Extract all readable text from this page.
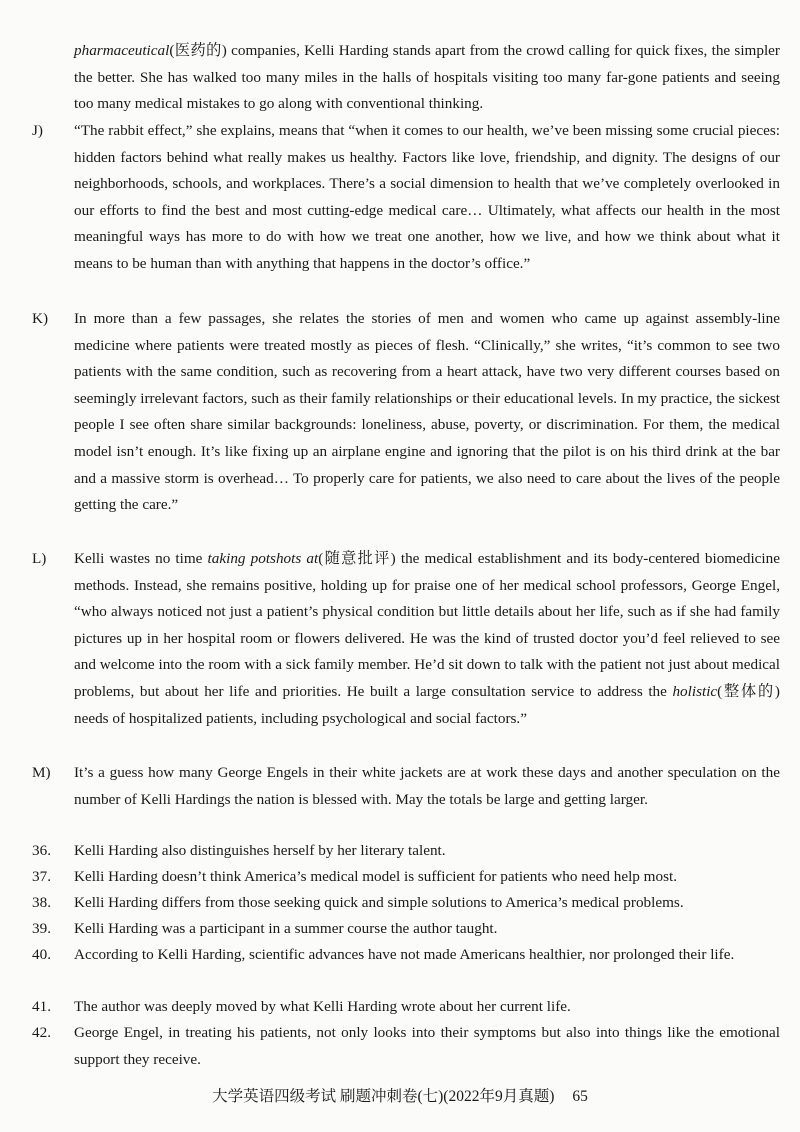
pharmaceutical(医药的) companies, Kelli Harding stands apart from the crowd calling for quick fixes, the simpler the better. She has walked too many miles in the halls of hospitals visiting too many far-gone patients and seeing too many medical mistakes to go along with conventional thinking.
J)	“The rabbit effect,” she explains, means that “when it comes to our health, we’ve been missing some crucial pieces: hidden factors behind what really makes us healthy. Factors like love, friendship, and dignity. The designs of our neighborhoods, schools, and workplaces. There’s a social dimension to health that we’ve completely overlooked in our efforts to find the best and most cutting-edge medical care… Ultimately, what affects our health in the most meaningful ways has more to do with how we treat one another, how we live, and how we think about what it means to be human than with anything that happens in the doctor’s office.”
K)	In more than a few passages, she relates the stories of men and women who came up against assembly-line medicine where patients were treated mostly as pieces of flesh. “Clinically,” she writes, “it’s common to see two patients with the same condition, such as recovering from a heart attack, have two very different courses based on seemingly irrelevant factors, such as their family relationships or their educational levels. In my practice, the sickest people I see often share similar backgrounds: loneliness, abuse, poverty, or discrimination. For them, the medical model isn’t enough. It’s like fixing up an airplane engine and ignoring that the pilot is on his third drink at the bar and a massive storm is overhead… To properly care for patients, we also need to care about the lives of the people getting the care.”
L)	Kelli wastes no time taking potshots at(随意批评) the medical establishment and its body-centered biomedicine methods. Instead, she remains positive, holding up for praise one of her medical school professors, George Engel, “who always noticed not just a patient’s physical condition but little details about her life, such as if she had family pictures up in her hospital room or flowers delivered. He was the kind of trusted doctor you’d feel relieved to see and welcome into the room with a sick family member. He’d sit down to talk with the patient not just about medical problems, but about her life and priorities. He built a large consultation service to address the holistic(整体的) needs of hospitalized patients, including psychological and social factors.”
M)	It’s a guess how many George Engels in their white jackets are at work these days and another speculation on the number of Kelli Hardings the nation is blessed with. May the totals be large and getting larger.
36.	Kelli Harding also distinguishes herself by her literary talent.
37.	Kelli Harding doesn’t think America’s medical model is sufficient for patients who need help most.
38.	Kelli Harding differs from those seeking quick and simple solutions to America’s medical problems.
39.	Kelli Harding was a participant in a summer course the author taught.
40.	According to Kelli Harding, scientific advances have not made Americans healthier, nor prolonged their life.
41.	The author was deeply moved by what Kelli Harding wrote about her current life.
42.	George Engel, in treating his patients, not only looks into their symptoms but also into things like the emotional support they receive.
大学英语四级考试 刷题冲刺卷(七)(2022年9月真题) 65
